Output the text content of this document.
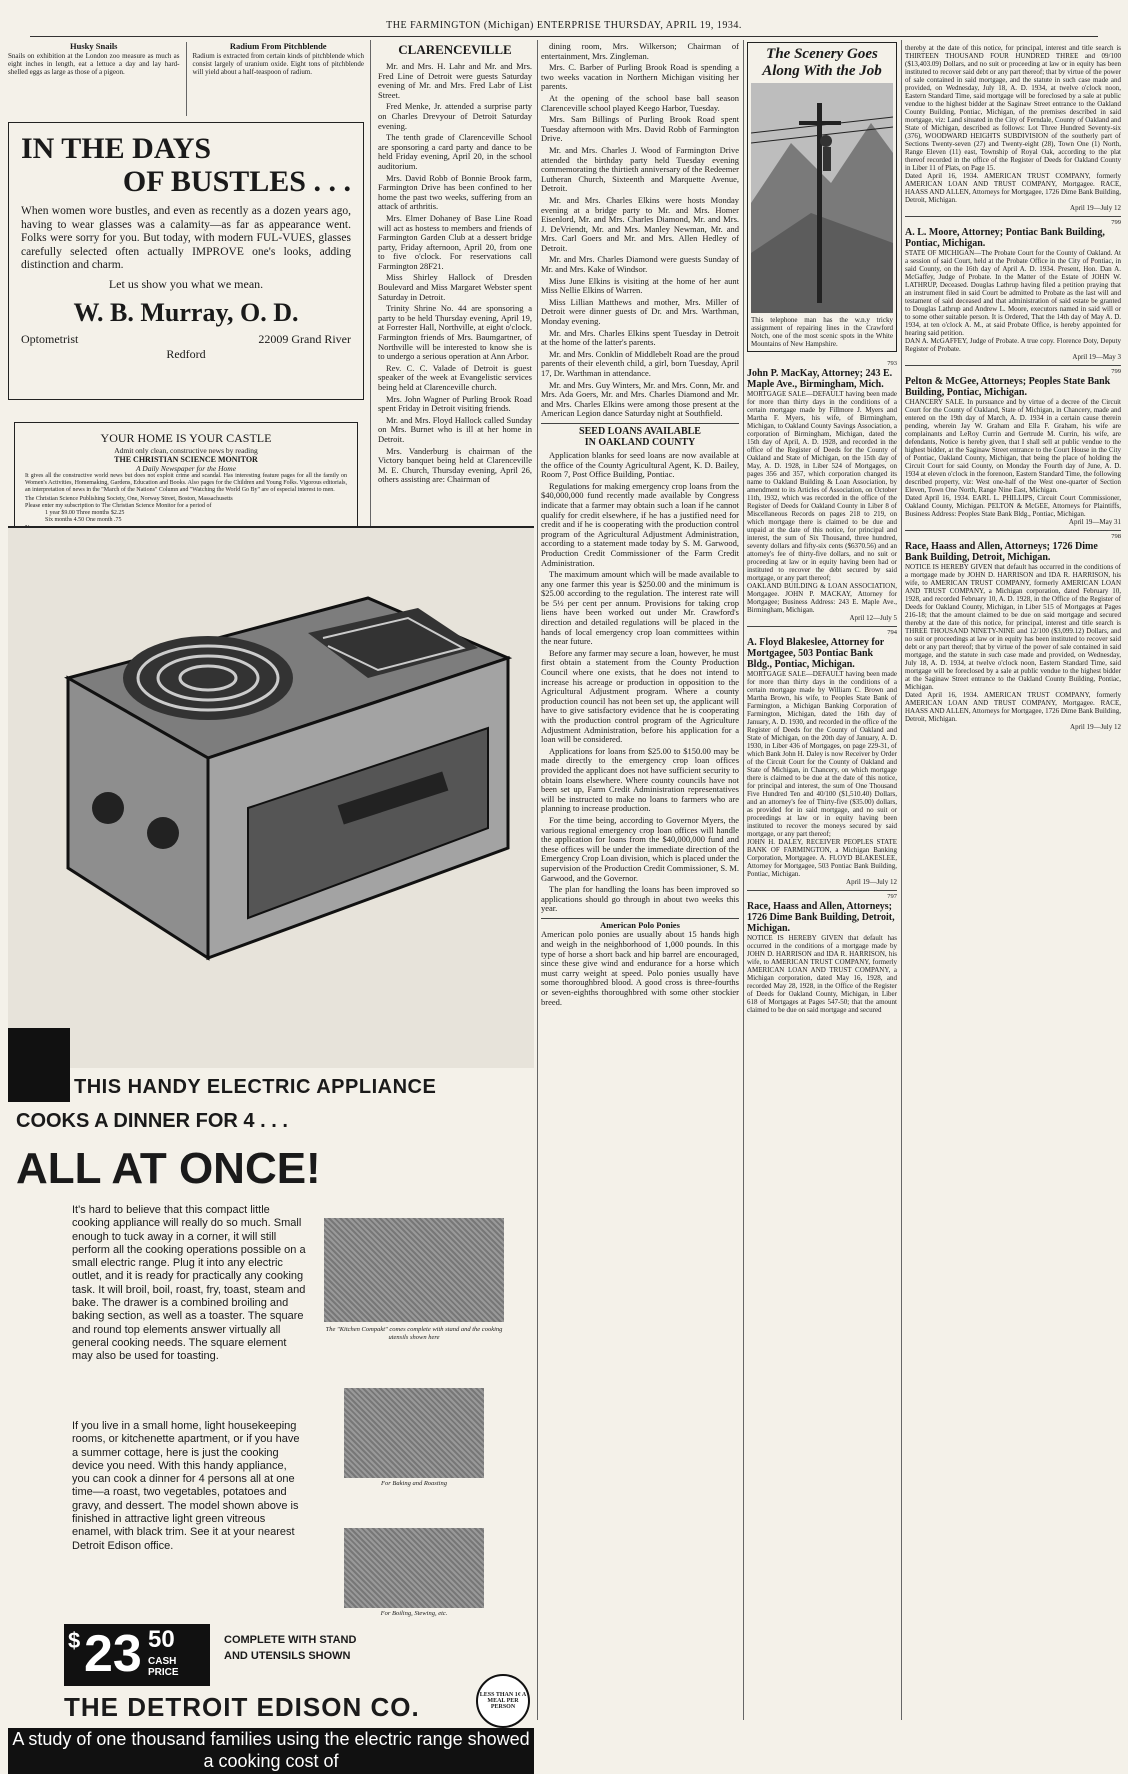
THE FARMINGTON (Michigan) ENTERPRISE THURSDAY, APRIL 19, 1934.
Husky Snails
Snails on exhibition at the London zoo measure as much as eight inches in length, eat a lettuce a day and lay hard-shelled eggs as large as those of a pigeon.
Radium From Pitchblende
Radium is extracted from certain kinds of pitchblende which consist largely of uranium oxide. Eight tons of pitchblende will yield about a half-teaspoon of radium.
IN THE DAYS
OF BUSTLES . . .
When women wore bustles, and even as recently as a dozen years ago, having to wear glasses was a calamity—as far as appearance went. Folks were sorry for you. But today, with modern FUL-VUES, glasses carefully selected often actually IMPROVE one's looks, adding distinction and charm.
Let us show you what we mean.
W. B. Murray, O. D.
Optometrist	22009 Grand River
Redford
YOUR HOME IS YOUR CASTLE
Admit only clean, constructive news by reading
THE CHRISTIAN SCIENCE MONITOR
A Daily Newspaper for the Home
It gives all the constructive world news but does not exploit crime and scandal. Has interesting feature pages for all the family on Women's Activities, Homemaking, Gardens, Education and Books. Also pages for the Children and Young Folks. Vigorous editorials, an interpretation of news in the "March of the Nations" Column and "Watching the World Go By" are of especial interest to men.
The Christian Science Publishing Society, One, Norway Street, Boston, Massachusetts
Please enter my subscription to The Christian Science Monitor for a period of
1 year $9.00 Three months $2.25
Six months 4.50 One month .75
THIS HANDY ELECTRIC APPLIANCE
COOKS A DINNER FOR 4 . . .
ALL AT ONCE!
It's hard to believe that this compact little cooking appliance will really do so much. Small enough to tuck away in a corner, it will still perform all the cooking operations possible on a small electric range. Plug it into any electric outlet, and it is ready for practically any cooking task. It will broil, boil, roast, fry, toast, steam and bake. The drawer is a combined broiling and baking section, as well as a toaster. The square and round top elements answer virtually all general cooking needs. The square element may also be used for toasting.
If you live in a small home, light housekeeping rooms, or kitchenette apartment, or if you have a summer cottage, here is just the cooking device you need. With this handy appliance, you can cook a dinner for 4 persons all at one time—a roast, two vegetables, potatoes and gravy, and dessert. The model shown above is finished in attractive light green vitreous enamel, with black trim. See it at your nearest Detroit Edison office.
The "Kitchen Compakt" comes complete with stand and the cooking utensils shown here
For Baking and Roasting
For Boiling, Stewing, etc.
$ 23 50
CASH PRICE
COMPLETE WITH STAND AND UTENSILS SHOWN
THE DETROIT EDISON CO.	LESS THAN 1¢ A MEAL PER PERSON
A study of one thousand families using the electric range showed a cooking cost of
CLARENCEVILLE

Mr. and Mrs. H. Lahr and Mr. and Mrs. Fred Line of Detroit were guests Saturday evening of Mr. and Mrs. Fred Labr of List Street.

Fred Menke, Jr. attended a surprise party on Charles Drevyour of Detroit Saturday evening.

The tenth grade of Clarenceville School are sponsoring a card party and dance to be held Friday evening, April 20, in the school auditorium.

Mrs. David Robb of Bonnie Brook farm, Farmington Drive has been confined to her home the past two weeks, suffering from an attack of arthritis.

Mrs. Elmer Dohaney of Base Line Road will act as hostess to members and friends of Farmington Garden Club at a dessert bridge party, Friday afternoon, April 20, from one to five o'clock. For reservations call Farmington 28F21.

Miss Shirley Hallock of Dresden Boulevard and Miss Margaret Webster spent Saturday in Detroit.

Trinity Shrine No. 44 are sponsoring a party to be held Thursday evening, April 19, at Forrester Hall, Northville, at eight o'clock. Farmington friends of Mrs. Baumgartner, of Northville will be interested to know she is to undergo a serious operation at Ann Arbor.

Rev. C. C. Valade of Detroit is guest speaker of the week at Evangelistic services being held at Clarenceville church.

Mrs. John Wagner of Purling Brook Road spent Friday in Detroit visiting friends.

Mr. and Mrs. Floyd Hallock called Sunday on Mrs. Burnet who is ill at her home in Detroit.

Mrs. Vanderburg is chairman of the Victory banquet being held at Clarenceville M. E. Church, Thursday evening, April 26, others assisting are: Chairman of

dining room, Mrs. Wilkerson; Chairman of entertainment, Mrs. Zingleman.

Mrs. C. Barber of Purling Brook Road is spending a two weeks vacation in Northern Michigan visiting her parents.

At the opening of the school base ball season Clarenceville school played Keego Harbor, Tuesday.

Mrs. Sam Billings of Purling Brook Road spent Tuesday afternoon with Mrs. David Robb of Farmington Drive.

Mr. and Mrs. Charles J. Wood of Farmington Drive attended the birthday party held Tuesday evening commemorating the thirtieth anniversary of the Redeemer Lutheran Church, Sixteenth and Marquette Avenue, Detroit.

Mr. and Mrs. Charles Elkins were hosts Monday evening at a bridge party to Mr. and Mrs. Homer Eisenlord, Mr. and Mrs. Charles Diamond, Mr. and Mrs. J. DeVriendt, Mr. and Mrs. Manley Newman, Mr. and Mrs. Carl Goers and Mr. and Mrs. Allen Hedley of Detroit.

Mr. and Mrs. Charles Diamond were guests Sunday of Mr. and Mrs. Kake of Windsor.

Miss June Elkins is visiting at the home of her aunt Miss Nellie Elkins of Warren.

Miss Lillian Matthews and mother, Mrs. Miller of Detroit were dinner guests of Dr. and Mrs. Warthman, Monday evening.

Mr. and Mrs. Charles Elkins spent Tuesday in Detroit at the home of the latter's parents.

Mr. and Mrs. Conklin of Middlebelt Road are the proud parents of their eleventh child, a girl, born Tuesday, April 17, Dr. Warthman in attendance.

Mr. and Mrs. Guy Winters, Mr. and Mrs. Conn, Mr. and Mrs. Ada Goers, Mr. and Mrs. Charles Diamond and Mr. and Mrs. Charles Elkins were among those present at the American Legion dance Saturday night at Southfield.

SEED LOANS AVAILABLE
IN OAKLAND COUNTY

Application blanks for seed loans are now available at the office of the County Agricultural Agent, K. D. Bailey, Room 7, Post Office Building, Pontiac.

Regulations for making emergency crop loans from the $40,000,000 fund recently made available by Congress indicate that a farmer may obtain such a loan if he cannot qualify for credit elsewhere, if he has a justified need for credit and if he is cooperating with the production control program of the Agricultural Adjustment Administration, according to a statement made today by S. M. Garwood, Production Credit Commissioner of the Farm Credit Administration.

The maximum amount which will be made available to any one farmer this year is $250.00 and the minimum is $25.00 according to the regulation. The interest rate will be 5½ per cent per annum. Provisions for taking crop liens have been worked out under Mr. Crawford's direction and detailed regulations will be placed in the hands of local emergency crop loan committees within the near future.

Before any farmer may secure a loan, however, he must first obtain a statement from the County Production Council where one exists, that he does not intend to increase his acreage or production in opposition to the Agricultural Adjustment program. Where a county production council has not been set up, the applicant will have to give satisfactory evidence that he is cooperating with the production control program of the Agriculture Adjustment Administration, before his application for a loan will be considered.

Applications for loans from $25.00 to $150.00 may be made directly to the emergency crop loan offices provided the applicant does not have sufficient security to obtain loans elsewhere. Where county councils have not been set up, Farm Credit Administration representatives will be instructed to make no loans to farmers who are planning to increase production.

For the time being, according to Governor Myers, the various regional emergency crop loan offices will handle the application for loans from the $40,000,000 fund and these offices will be under the immediate direction of the Emergency Crop Loan division, which is placed under the supervision of the Production Credit Commissioner, S. M. Garwood, and the Governor.

The plan for handling the loans has been improved so applications should go through in about two weeks this year.

American Polo Ponies
American polo ponies are usually about 15 hands high and weigh in the neighborhood of 1,000 pounds. In this type of horse a short back and hip barrel are encouraged, since these give wind and endurance for a horse which must carry weight at speed. Polo ponies usually have some thoroughbred blood. A good cross is three-fourths or seven-eighths thoroughbred with some other stockier breed.
The Scenery Goes
Along With the Job
This telephone man has the w.n.y tricky assignment of repairing lines in the Crawford Notch, one of the most scenic spots in the White Mountains of New Hampshire.
793
John P. MacKay, Attorney; 243 E. Maple Ave., Birmingham, Mich.
MORTGAGE SALE—DEFAULT having been made for more than thirty days in the conditions of a certain mortgage made by Fillmore J. Myers and Martha F. Myers, his wife, of Birmingham, Michigan, to Oakland County Savings Association, a corporation of Birmingham, Michigan, dated the 15th day of April, A. D. 1928, and recorded in the office of the Register of Deeds for the County of Oakland and State of Michigan, on the 15th day of May, A. D. 1928, in Liber 524 of Mortgages, on pages 356 and 357, which corporation changed its name to Oakland Building & Loan Association, by amendment to its Articles of Association, on October 11th, 1932, which was recorded in the office of the Register of Deeds for Oakland County in Liber 8 of Miscellaneous Records on pages 218 to 219, on which mortgage there is claimed to be due and unpaid at the date of this notice, for principal and interest, the sum of Six Thousand, three hundred, seventy dollars and fifty-six cents ($6370.56) and an attorney's fee of thirty-five dollars, and no suit or proceeding at law or in equity having been had or instituted to recover the debt secured by said mortgage, or any part thereof;
OAKLAND BUILDING & LOAN ASSOCIATION, Mortgagee. JOHN P. MACKAY, Attorney for Mortgagee; Business Address: 243 E. Maple Ave., Birmingham, Michigan.
April 12—July 5
794
A. Floyd Blakeslee, Attorney for Mortgagee, 503 Pontiac Bank Bldg., Pontiac, Michigan.
MORTGAGE SALE—DEFAULT having been made for more than thirty days in the conditions of a certain mortgage made by William C. Brown and Martha Brown, his wife, to Peoples State Bank of Farmington, a Michigan Banking Corporation of Farmington, Michigan, dated the 16th day of January, A. D. 1930, and recorded in the office of the Register of Deeds for the County of Oakland and State of Michigan, on the 20th day of January, A. D. 1930, in Liber 436 of Mortgages, on page 229-31, of which Bank John H. Daley is now Receiver by Order of the Circuit Court for the County of Oakland and State of Michigan, in Chancery, on which mortgage there is claimed to be due at the date of this notice, for principal and interest, the sum of One Thousand Five Hundred Ten and 40/100 ($1,510.40) Dollars, and an attorney's fee of Thirty-five ($35.00) dollars, as provided for in said mortgage, and no suit or proceedings at law or in equity having been instituted to recover the moneys secured by said mortgage, or any part thereof;
JOHN H. DALEY, RECEIVER PEOPLES STATE BANK OF FARMINGTON, a Michigan Banking Corporation, Mortgagee. A. FLOYD BLAKESLEE, Attorney for Mortgagee, 503 Pontiac Bank Building, Pontiac, Michigan.
April 19—July 12
797
Race, Haass and Allen, Attorneys; 1726 Dime Bank Building, Detroit, Michigan.
NOTICE IS HEREBY GIVEN that default has occurred in the conditions of a mortgage made by JOHN D. HARRISON and IDA R. HARRISON, his wife, to AMERICAN TRUST COMPANY, formerly AMERICAN LOAN AND TRUST COMPANY, a Michigan corporation, dated May 16, 1928, and recorded May 28, 1928, in the Office of the Register of Deeds for Oakland County, Michigan, in Liber 618 of Mortgages at Pages 547-50; that the amount claimed to be due on said mortgage and secured
thereby at the date of this notice, for principal, interest and title search is THIRTEEN THOUSAND FOUR HUNDRED THREE and 09/100 ($13,403.09) Dollars, and no suit or proceeding at law or in equity has been instituted to recover said debt or any part thereof; that by virtue of the power of sale contained in said mortgage, and the statute in such case made and provided, on Wednesday, July 18, A. D. 1934, at twelve o'clock noon, Eastern Standard Time, said mortgage will be foreclosed by a sale at public vendue to the highest bidder at the Saginaw Street entrance to the Oakland County Building, Pontiac, Michigan, of the premises described in said mortgage, viz: Land situated in the City of Ferndale, County of Oakland and State of Michigan, described as follows: Lot Three Hundred Seventy-six (376), WOODWARD HEIGHTS SUBDIVISION of the southerly part of Sections Twenty-seven (27) and Twenty-eight (28), Town One (1) North, Range Eleven (11) east, Township of Royal Oak, according to the plat thereof recorded in the office of the Register of Deeds for Oakland County in Liber 11 of Plats, on Page 15.
Dated April 16, 1934. AMERICAN TRUST COMPANY, formerly AMERICAN LOAN AND TRUST COMPANY, Mortgagee. RACE, HAASS AND ALLEN, Attorneys for Mortgagee, 1726 Dime Bank Building, Detroit, Michigan.
April 19—July 12
799
A. L. Moore, Attorney; Pontiac Bank Building, Pontiac, Michigan.
STATE OF MICHIGAN—The Probate Court for the County of Oakland. At a session of said Court, held at the Probate Office in the City of Pontiac, in said County, on the 16th day of April A. D. 1934. Present, Hon. Dan A. McGaffey, Judge of Probate. In the Matter of the Estate of JOHN W. LATHRUP, Deceased. Douglas Lathrup having filed a petition praying that an instrument filed in said Court be admitted to Probate as the last will and testament of said deceased and that administration of said estate be granted to Douglas Lathrup and Andrew L. Moore, executors named in said will or to some other suitable person. It is Ordered, That the 14th day of May A. D. 1934, at ten o'clock A. M., at said Probate Office, is hereby appointed for hearing said petition.
DAN A. McGAFFEY, Judge of Probate. A true copy. Florence Doty, Deputy Register of Probate.
April 19—May 3
799
Pelton & McGee, Attorneys; Peoples State Bank Building, Pontiac, Michigan.
CHANCERY SALE. In pursuance and by virtue of a decree of the Circuit Court for the County of Oakland, State of Michigan, in Chancery, made and entered on the 19th day of March, A. D. 1934 in a certain cause therein pending, wherein Jay W. Graham and Ella F. Graham, his wife are complainants and LeRoy Currin and Gertrude M. Currin, his wife, are defendants, Notice is hereby given, that I shall sell at public vendue to the highest bidder, at the Saginaw Street entrance to the Court House in the City of Pontiac, Oakland County, Michigan, that being the place of holding the Circuit Court for said County, on Monday the Fourth day of June, A. D. 1934 at eleven o'clock in the forenoon, Eastern Standard Time, the following described property, viz: West one-half of the West one-quarter of Section Eleven, Town One North, Range Nine East, Michigan.
Dated April 16, 1934. EARL L. PHILLIPS, Circuit Court Commissioner, Oakland County, Michigan. PELTON & McGEE, Attorneys for Plaintiffs, Business Address: Peoples State Bank Bldg., Pontiac, Michigan.
April 19—May 31
798
Race, Haass and Allen, Attorneys; 1726 Dime Bank Building, Detroit, Michigan.
NOTICE IS HEREBY GIVEN that default has occurred in the conditions of a mortgage made by JOHN D. HARRISON and IDA R. HARRISON, his wife, to AMERICAN TRUST COMPANY, formerly AMERICAN LOAN AND TRUST COMPANY, a Michigan corporation, dated February 10, 1928, and recorded February 10, A. D. 1928, in the Office of the Register of Deeds for Oakland County, Michigan, in Liber 515 of Mortgages at Pages 216-18; that the amount claimed to be due on said mortgage and secured thereby at the date of this notice, for principal, interest and title search is THREE THOUSAND NINETY-NINE and 12/100 ($3,099.12) Dollars, and no suit or proceedings at law or in equity has been instituted to recover said debt or any part thereof; that by virtue of the power of sale contained in said mortgage, and the statute in such case made and provided, on Wednesday, July 18, A. D. 1934, at twelve o'clock noon, Eastern Standard Time, said mortgage will be foreclosed by a sale at public vendue to the highest bidder at the Saginaw Street entrance to the Oakland County Building, Pontiac, Michigan.
Dated April 16, 1934. AMERICAN TRUST COMPANY, formerly AMERICAN LOAN AND TRUST COMPANY, Mortgagee. RACE, HAASS AND ALLEN, Attorneys for Mortgagee, 1726 Dime Bank Building, Detroit, Michigan.
April 19—July 12
